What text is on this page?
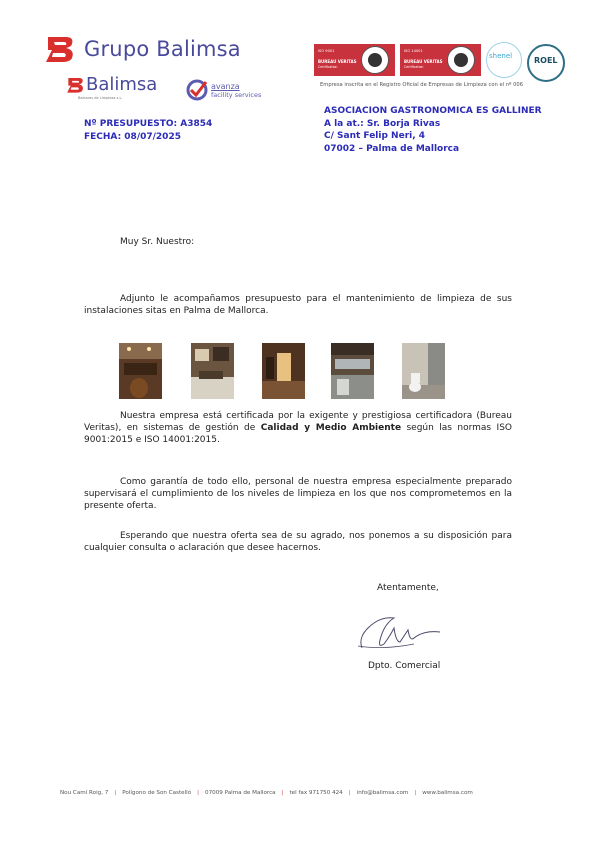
Grupo Balimsa
Balimsa
Baleares de Limpieza s.L.
avanza
facility services
ISO 9001
BUREAU VERITAS
Certification
ISO 14001
BUREAU VERITAS
Certification
shenel	ROEL
Empresa inscrita en el Registro Oficial de Empresas de Limpieza con el nº 006
Nº PRESUPUESTO: A3854
FECHA: 08/07/2025
ASOCIACION GASTRONOMICA ES GALLINER
A la at.: Sr. Borja Rivas
C/ Sant Felip Neri, 4
07002 – Palma de Mallorca
Muy Sr. Nuestro:
Adjunto le acompañamos presupuesto para el mantenimiento de limpieza de sus instalaciones sitas en Palma de Mallorca.
Nuestra empresa está certificada por la exigente y prestigiosa certificadora (Bureau Veritas), en sistemas de gestión de Calidad y Medio Ambiente según las normas ISO 9001:2015 e ISO 14001:2015.
Como garantía de todo ello, personal de nuestra empresa especialmente preparado supervisará el cumplimiento de los niveles de limpieza en los que nos comprometemos en la presente oferta.
Esperando que nuestra oferta sea de su agrado, nos ponemos a su disposición para cualquier consulta o aclaración que desee hacernos.
Atentamente,
Dpto. Comercial
Nou Camí Roig, 7 | Polígono de Son Castelló | 07009 Palma de Mallorca | tel fax 971750 424 | info@balimsa.com | www.balimsa.com
